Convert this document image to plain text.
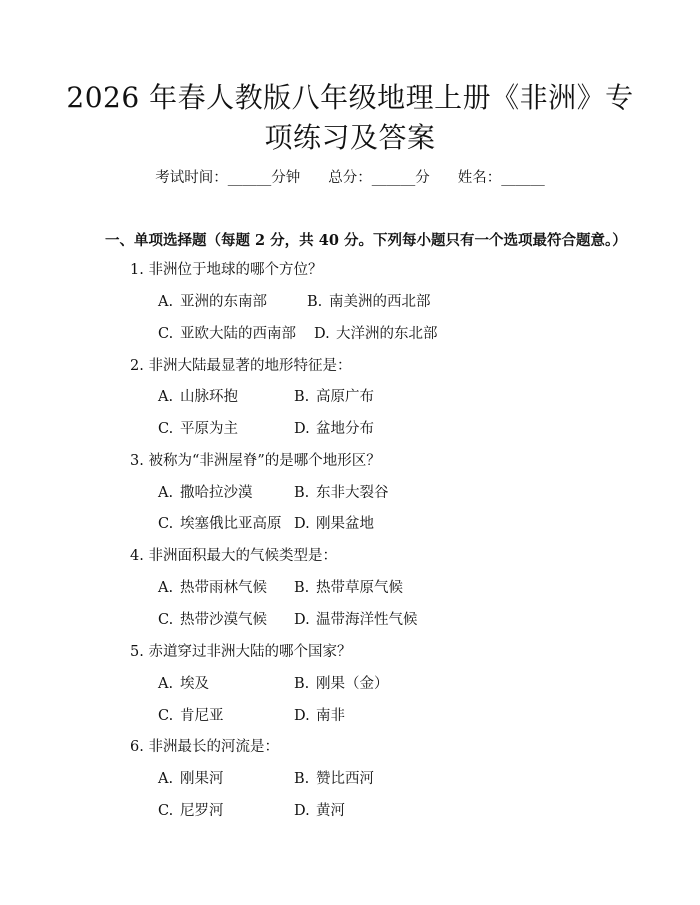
2026 年春人教版八年级地理上册《非洲》专
项练习及答案
考试时间：______分钟 总分：______分 姓名：______
一、单项选择题（每题 2 分，共 40 分。下列每小题只有一个选项最符合题意。）
1. 非洲位于地球的哪个方位？
A. 亚洲的东南部	B. 南美洲的西北部
C. 亚欧大陆的西南部 D. 大洋洲的东北部
2. 非洲大陆最显著的地形特征是：
A. 山脉环抱	B. 高原广布
C. 平原为主	D. 盆地分布
3. 被称为“非洲屋脊”的是哪个地形区？
A. 撒哈拉沙漠	B. 东非大裂谷
C. 埃塞俄比亚高原 D. 刚果盆地
4. 非洲面积最大的气候类型是：
A. 热带雨林气候 B. 热带草原气候
C. 热带沙漠气候 D. 温带海洋性气候
5. 赤道穿过非洲大陆的哪个国家？
A. 埃及	B. 刚果（金）
C. 肯尼亚	D. 南非
6. 非洲最长的河流是：
A. 刚果河	B. 赞比西河
C. 尼罗河	D. 黄河
